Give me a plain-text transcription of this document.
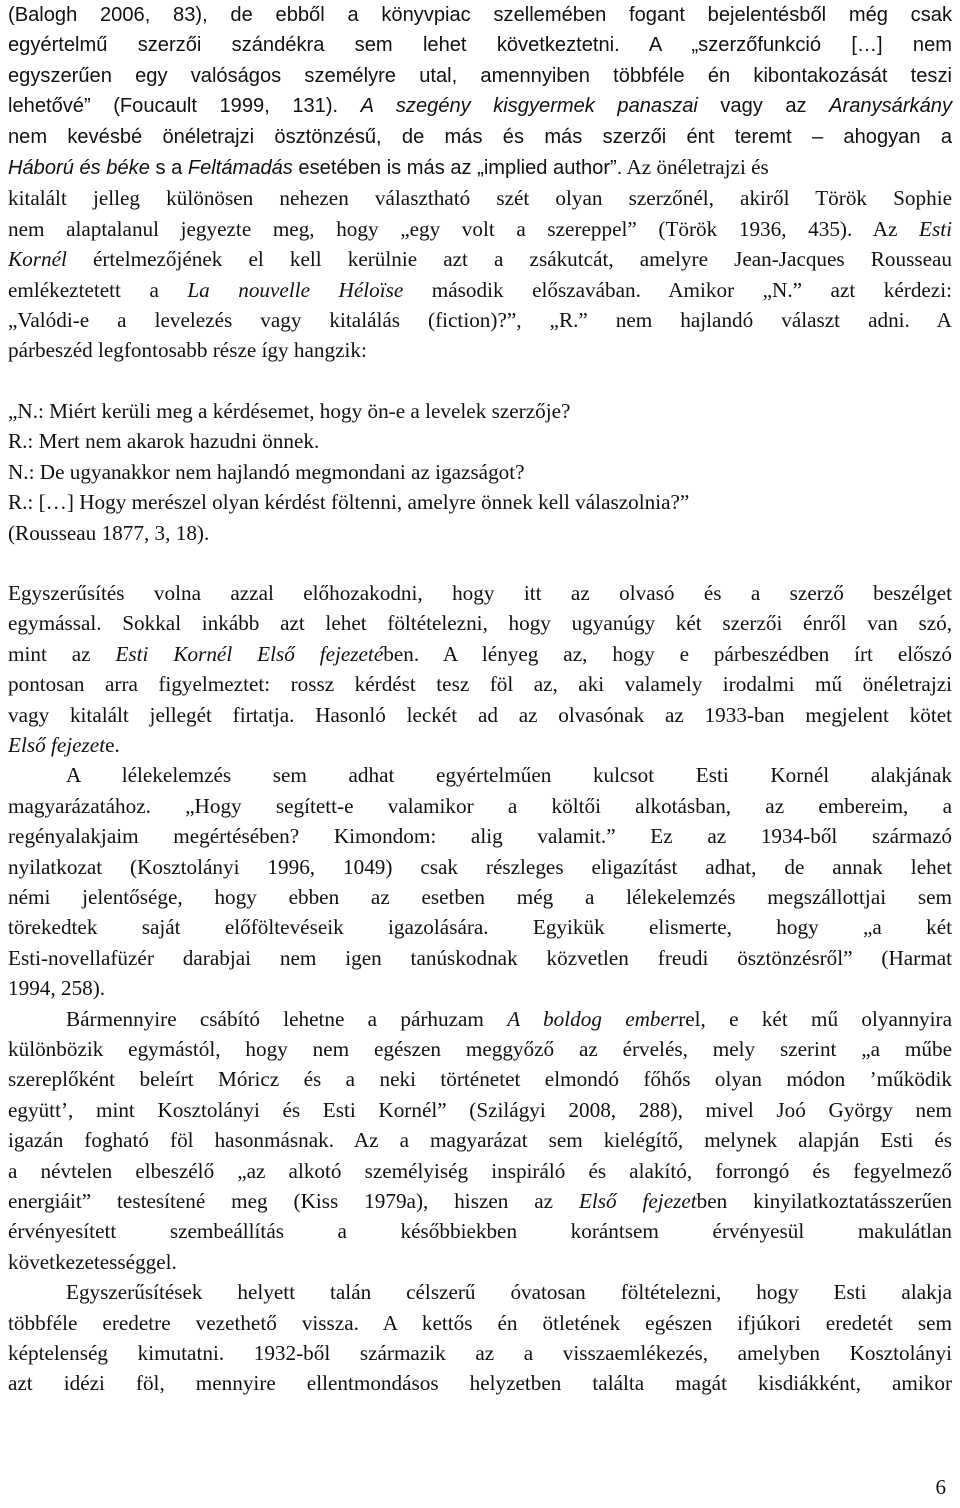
(Balogh 2006, 83), de ebből a könyvpiac szellemében fogant bejelentésből még csak
egyértelmű szerzői szándékra sem lehet következtetni. A „szerzőfunkció […] nem
egyszerűen egy valóságos személyre utal, amennyiben többféle én kibontakozását teszi
lehetővé” (Foucault 1999, 131). A szegény kisgyermek panaszai vagy az Aranysárkány
nem kevésbé önéletrajzi ösztönzésű, de más és más szerzői ént teremt – ahogyan a
Háború és béke s a Feltámadás esetében is más az „implied author”. Az önéletrajzi és
kitalált jelleg különösen nehezen választható szét olyan szerzőnél, akiről Török Sophie
nem alaptalanul jegyezte meg, hogy „egy volt a szereppel” (Török 1936, 435). Az Esti
Kornél értelmezőjének el kell kerülnie azt a zsákutcát, amelyre Jean-Jacques Rousseau
emlékeztetett a La nouvelle Héloïse második előszavában. Amikor „N.” azt kérdezi:
„Valódi-e a levelezés vagy kitalálás (fiction)?”, „R.” nem hajlandó választ adni. A
párbeszéd legfontosabb része így hangzik:
„N.: Miért kerüli meg a kérdésemet, hogy ön-e a levelek szerzője?
R.: Mert nem akarok hazudni önnek.
N.: De ugyanakkor nem hajlandó megmondani az igazságot?
R.: […] Hogy merészel olyan kérdést föltenni, amelyre önnek kell válaszolnia?”
(Rousseau 1877, 3, 18).
Egyszerűsítés volna azzal előhozakodni, hogy itt az olvasó és a szerző beszélget
egymással. Sokkal inkább azt lehet föltételezni, hogy ugyanúgy két szerzői énről van szó,
mint az Esti Kornél Első fejezetében. A lényeg az, hogy e párbeszédben írt előszó
pontosan arra figyelmeztet: rossz kérdést tesz föl az, aki valamely irodalmi mű önéletrajzi
vagy kitalált jellegét firtatja. Hasonló leckét ad az olvasónak az 1933-ban megjelent kötet
Első fejezete.
A lélekelemzés sem adhat egyértelműen kulcsot Esti Kornél alakjának
magyarázatához. „Hogy segített-e valamikor a költői alkotásban, az embereim, a
regényalakjaim megértésében? Kimondom: alig valamit.” Ez az 1934-ből származó
nyilatkozat (Kosztolányi 1996, 1049) csak részleges eligazítást adhat, de annak lehet
némi jelentősége, hogy ebben az esetben még a lélekelemzés megszállottjai sem
törekedtek saját előföltevéseik igazolására. Egyikük elismerte, hogy „a két
Esti-novellafüzér darabjai nem igen tanúskodnak közvetlen freudi ösztönzésről” (Harmat
1994, 258).
Bármennyire csábító lehetne a párhuzam A boldog emberrel, e két mű olyannyira
különbözik egymástól, hogy nem egészen meggyőző az érvelés, mely szerint „a műbe
szereplőként beleírt Móricz és a neki történetet elmondó főhős olyan módon ’működik
együtt’, mint Kosztolányi és Esti Kornél” (Szilágyi 2008, 288), mivel Joó György nem
igazán fogható föl hasonmásnak. Az a magyarázat sem kielégítő, melynek alapján Esti és
a névtelen elbeszélő „az alkotó személyiség inspiráló és alakító, forrongó és fegyelmező
energiáit” testesítené meg (Kiss 1979a), hiszen az Első fejezetben kinyilatkoztatásszerűen
érvényesített szembeállítás a későbbiekben korántsem érvényesül makulátlan
következetességgel.
Egyszerűsítések helyett talán célszerű óvatosan föltételezni, hogy Esti alakja
többféle eredetre vezethető vissza. A kettős én ötletének egészen ifjúkori eredetét sem
képtelenség kimutatni. 1932-ből származik az a visszaemlékezés, amelyben Kosztolányi
azt idézi föl, mennyire ellentmondásos helyzetben találta magát kisdiákként, amikor
6
